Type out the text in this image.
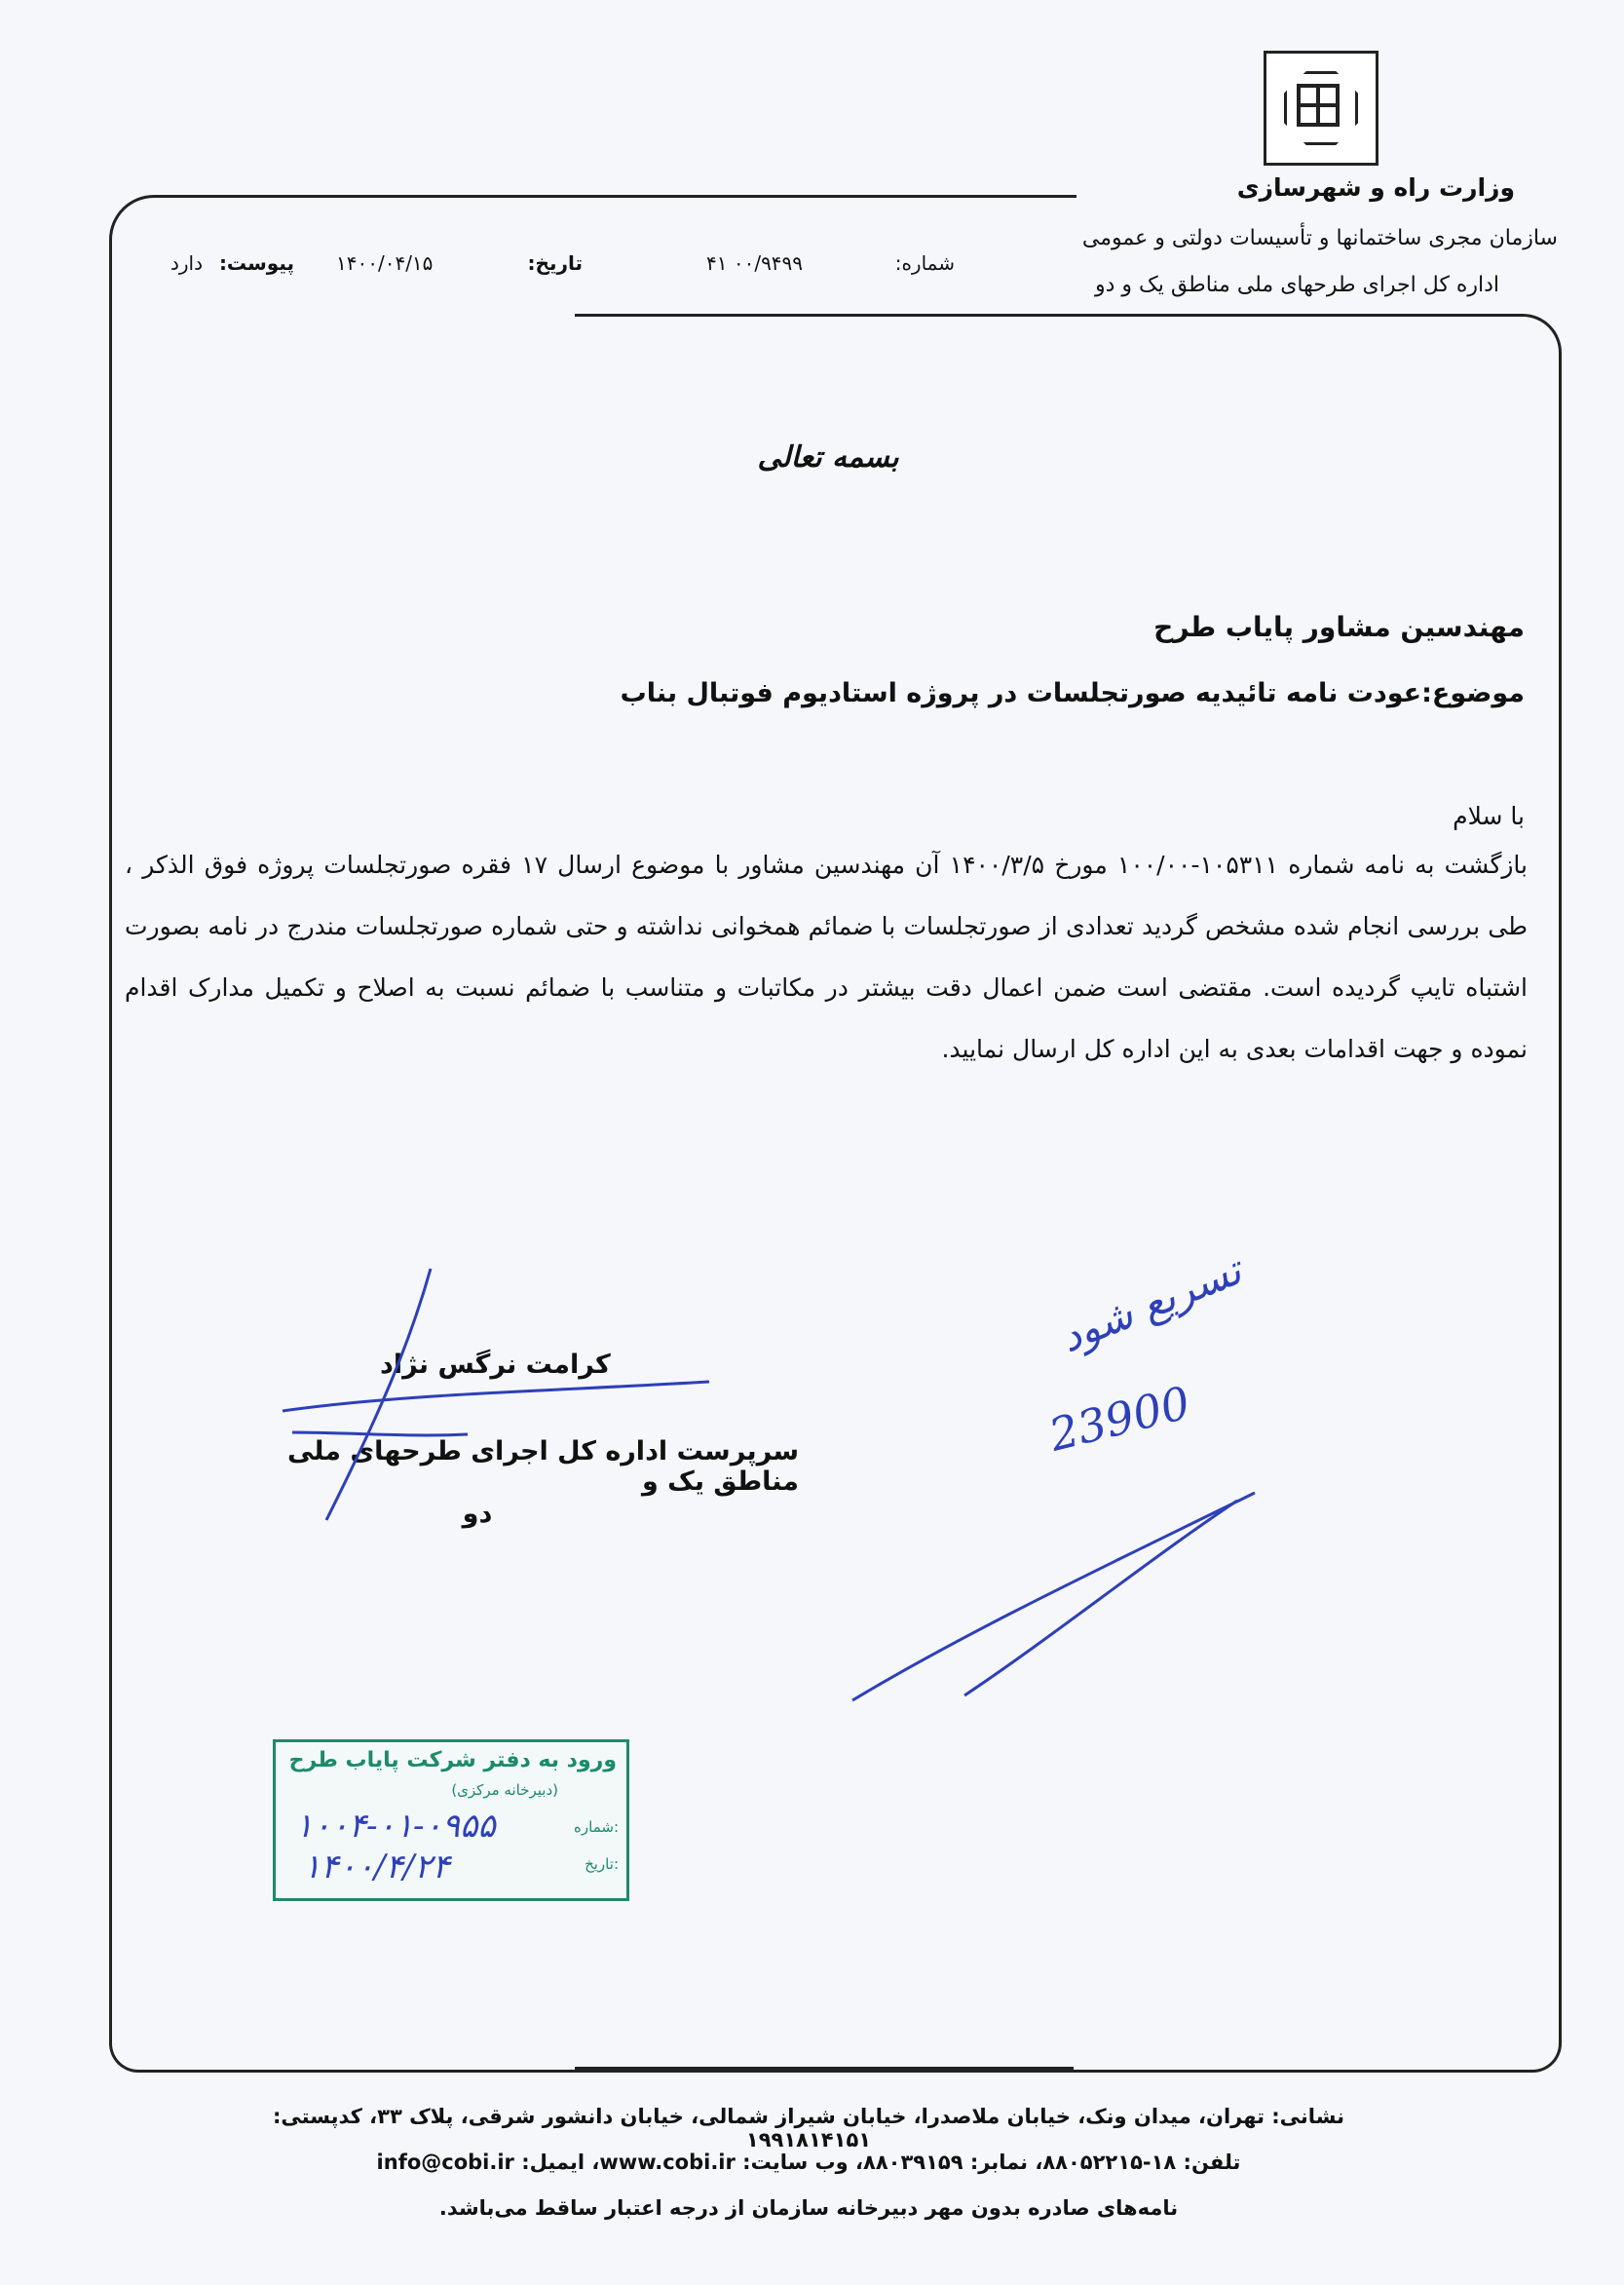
وزارت راه و شهرسازی
سازمان مجری ساختمانها و تأسیسات دولتی و عمومی
اداره کل اجرای طرحهای ملی مناطق یک و دو
شماره:
۴۱ ۰۰/۹۴۹۹
تاریخ:
۱۴۰۰/۰۴/۱۵
پیوست:
دارد
بسمه تعالی
مهندسین مشاور پایاب طرح
موضوع:عودت نامه تائیدیه صورتجلسات در پروژه استادیوم فوتبال بناب
با سلام
بازگشت به نامه شماره ۱۰۵۳۱۱-۱۰۰/۰۰ مورخ ۱۴۰۰/۳/۵ آن مهندسین مشاور با موضوع ارسال ۱۷ فقره صورتجلسات پروژه فوق الذکر ، طی بررسی انجام شده مشخص گردید تعدادی از صورتجلسات با ضمائم همخوانی نداشته و حتی شماره صورتجلسات مندرج در نامه بصورت اشتباه تایپ گردیده است. مقتضی است ضمن اعمال دقت بیشتر در مکاتبات و متناسب با ضمائم نسبت به اصلاح و تکمیل مدارک اقدام نموده و جهت اقدامات بعدی به این اداره کل ارسال نمایید.
کرامت نرگس نژاد
سرپرست اداره کل اجرای طرحهای ملی مناطق یک و
دو
تسریع شود
23900
ورود به دفتر شرکت پایاب طرح
(دبیرخانه مرکزی)
شماره:
تاریخ:
۱۰۰۴-۰۱-۰۹۵۵
۱۴۰۰/۴/۲۴
نشانی: تهران، میدان ونک، خیابان ملاصدرا، خیابان شیراز شمالی، خیابان دانشور شرقی، پلاک ۳۳، کدپستی: ۱۹۹۱۸۱۴۱۵۱
تلفن: ۱۸-۸۸۰۵۲۲۱۵، نمابر: ۸۸۰۳۹۱۵۹، وب سایت: www.cobi.ir، ایمیل: info@cobi.ir
نامه‌های صادره بدون مهر دبیرخانه سازمان از درجه اعتبار ساقط می‌باشد.
